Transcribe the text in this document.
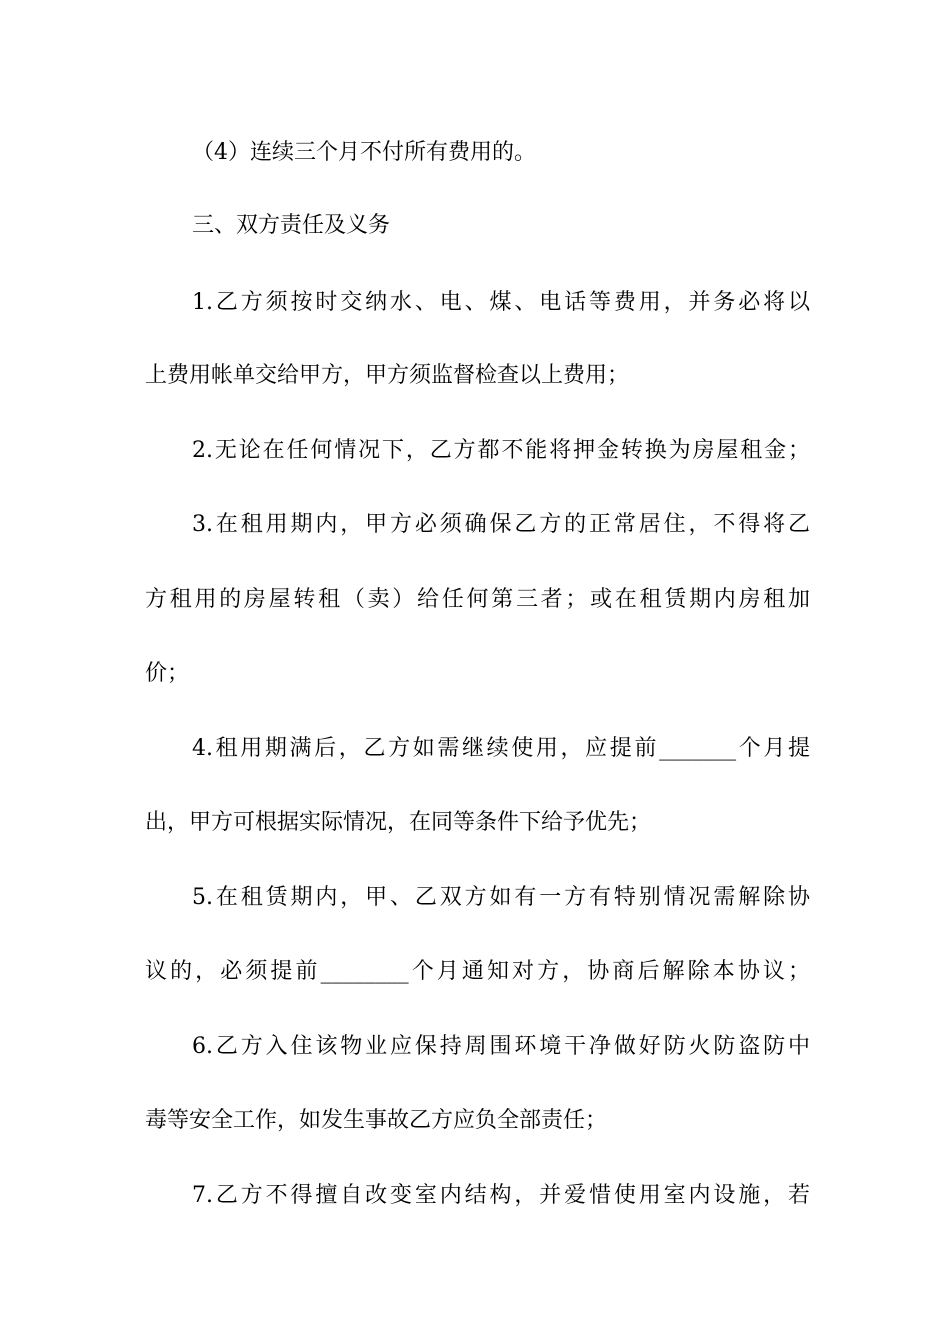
（4）连续三个月不付所有费用的。
三、双方责任及义务
1.乙方须按时交纳水、电、煤、电话等费用，并务必将以
上费用帐单交给甲方，甲方须监督检查以上费用；
2.无论在任何情况下，乙方都不能将押金转换为房屋租金；
3.在租用期内，甲方必须确保乙方的正常居住，不得将乙
方租用的房屋转租（卖）给任何第三者；或在租赁期内房租加
价；
4.租用期满后，乙方如需继续使用，应提前_______个月提
出，甲方可根据实际情况，在同等条件下给予优先；
5.在租赁期内，甲、乙双方如有一方有特别情况需解除协
议的，必须提前________个月通知对方，协商后解除本协议；
6.乙方入住该物业应保持周围环境干净做好防火防盗防中
毒等安全工作，如发生事故乙方应负全部责任；
7.乙方不得擅自改变室内结构，并爱惜使用室内设施，若
